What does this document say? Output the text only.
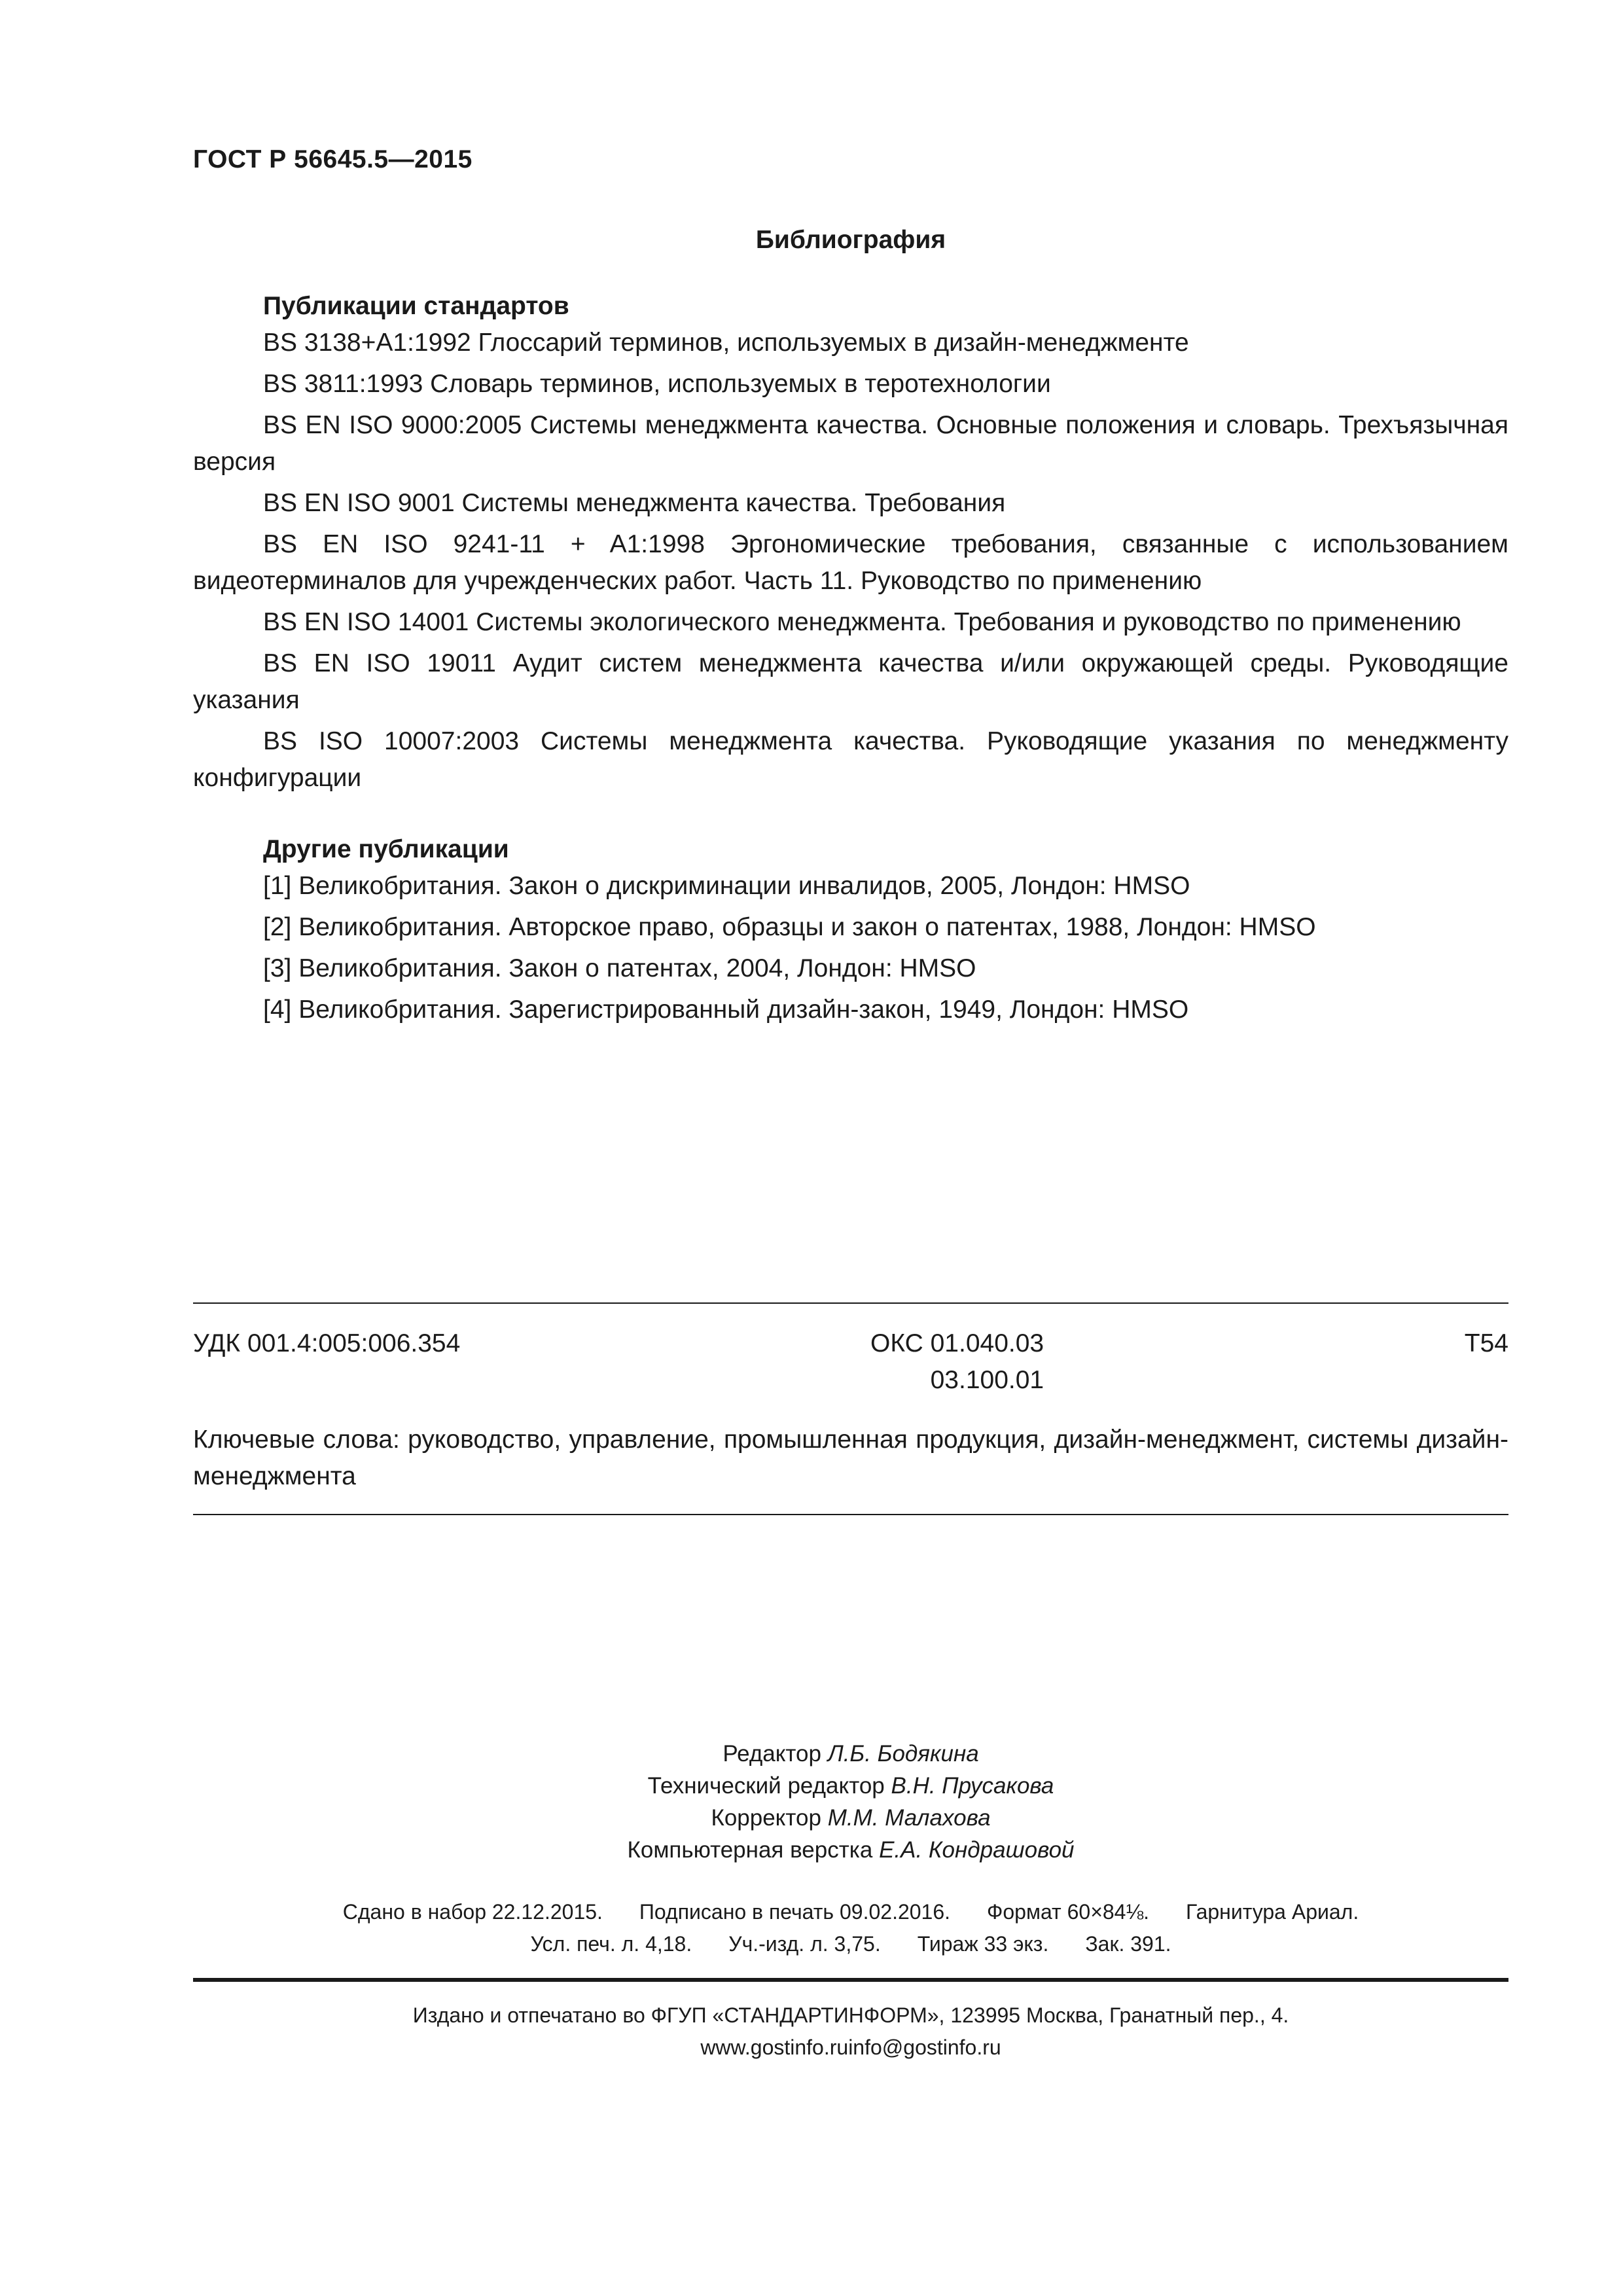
ГОСТ Р 56645.5—2015
Библиография

Публикации стандартов

BS 3138+A1:1992 Глоссарий терминов, используемых в дизайн-менеджменте

BS 3811:1993 Словарь терминов, используемых в теротехнологии

BS EN ISO 9000:2005 Системы менеджмента качества. Основные положения и словарь. Трехъязычная версия

BS EN ISO 9001 Системы менеджмента качества. Требования

BS EN ISO 9241-11 + A1:1998 Эргономические требования, связанные с использованием видеотерминалов для учрежденческих работ. Часть 11. Руководство по применению

BS EN ISO 14001 Системы экологического менеджмента. Требования и руководство по применению

BS EN ISO 19011 Аудит систем менеджмента качества и/или окружающей среды. Руководящие указания

BS ISO 10007:2003 Системы менеджмента качества. Руководящие указания по менеджменту конфигурации

Другие публикации

[1] Великобритания. Закон о дискриминации инвалидов, 2005, Лондон: HMSO

[2] Великобритания. Авторское право, образцы и закон о патентах, 1988, Лондон: HMSO

[3] Великобритания. Закон о патентах, 2004, Лондон: HMSO

[4] Великобритания. Зарегистрированный дизайн-закон, 1949, Лондон: HMSO

УДК 001.4:005:006.354	ОКС 01.040.03
03.100.01
Т54
Ключевые слова: руководство, управление, промышленная продукция, дизайн-менеджмент, системы дизайн-менеджмента
Редактор Л.Б. Бодякина
Технический редактор В.Н. Прусакова
Корректор М.М. Малахова
Компьютерная верстка Е.А. Кондрашовой
Сдано в набор 22.12.2015. Подписано в печать 09.02.2016. Формат 60×84⅛. Гарнитура Ариал.
Усл. печ. л. 4,18. Уч.-изд. л. 3,75. Тираж 33 экз. Зак. 391.
Издано и отпечатано во ФГУП «СТАНДАРТИНФОРМ», 123995 Москва, Гранатный пер., 4.
www.gostinfo.ruinfo@gostinfo.ru
